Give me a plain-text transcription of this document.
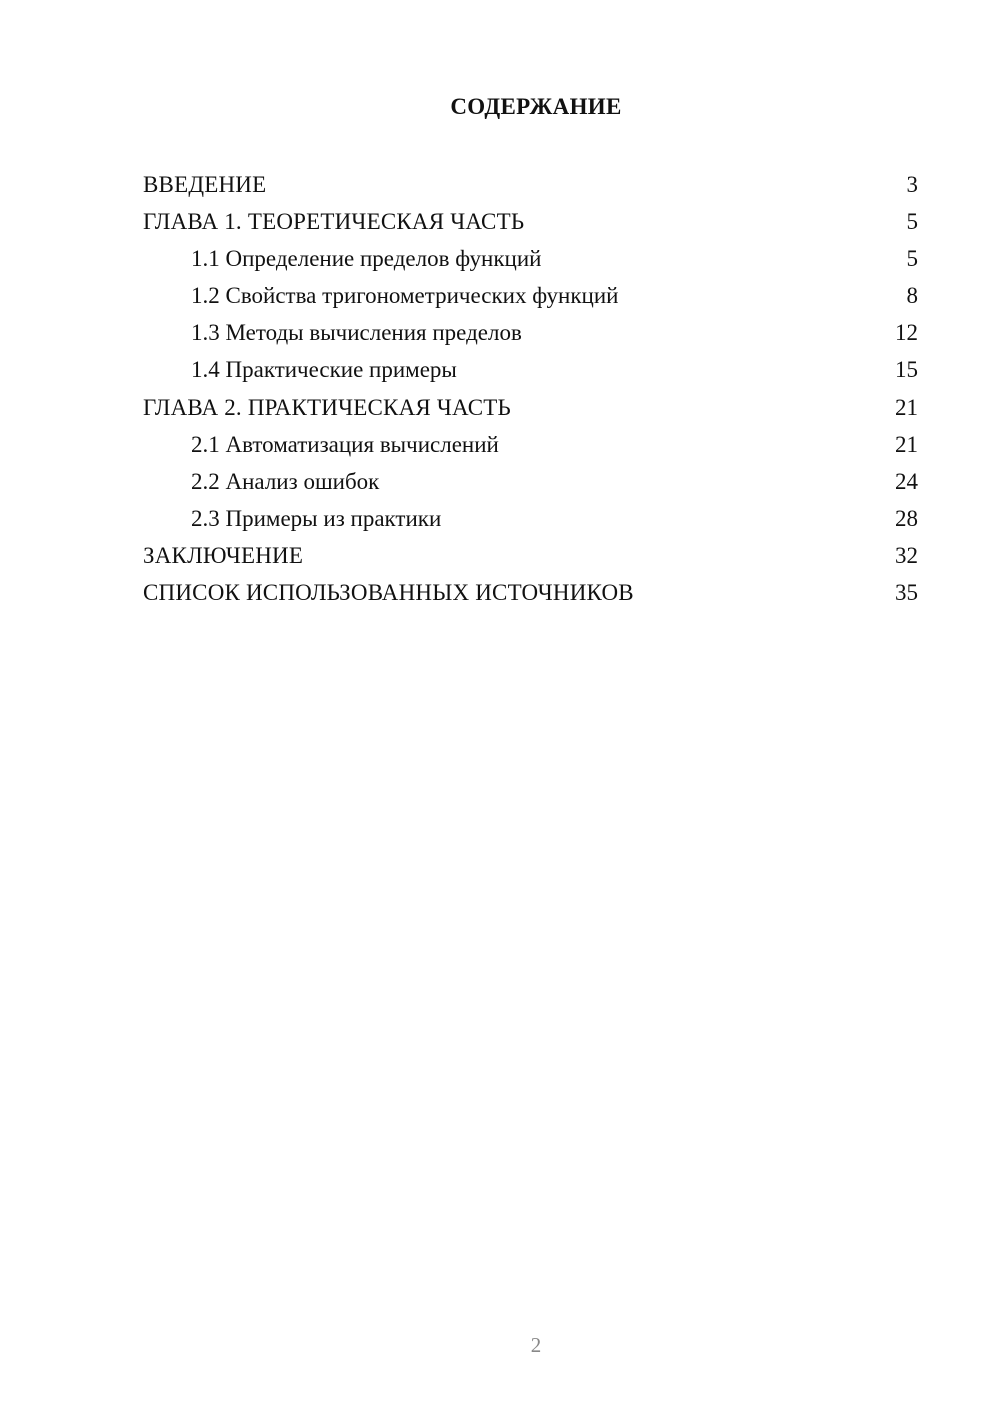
СОДЕРЖАНИЕ
ВВЕДЕНИЕ	3
ГЛАВА 1. ТЕОРЕТИЧЕСКАЯ ЧАСТЬ	5
1.1 Определение пределов функций	5
1.2 Свойства тригонометрических функций	8
1.3 Методы вычисления пределов	12
1.4 Практические примеры	15
ГЛАВА 2. ПРАКТИЧЕСКАЯ ЧАСТЬ	21
2.1 Автоматизация вычислений	21
2.2 Анализ ошибок	24
2.3 Примеры из практики	28
ЗАКЛЮЧЕНИЕ	32
СПИСОК ИСПОЛЬЗОВАННЫХ ИСТОЧНИКОВ	35
2
